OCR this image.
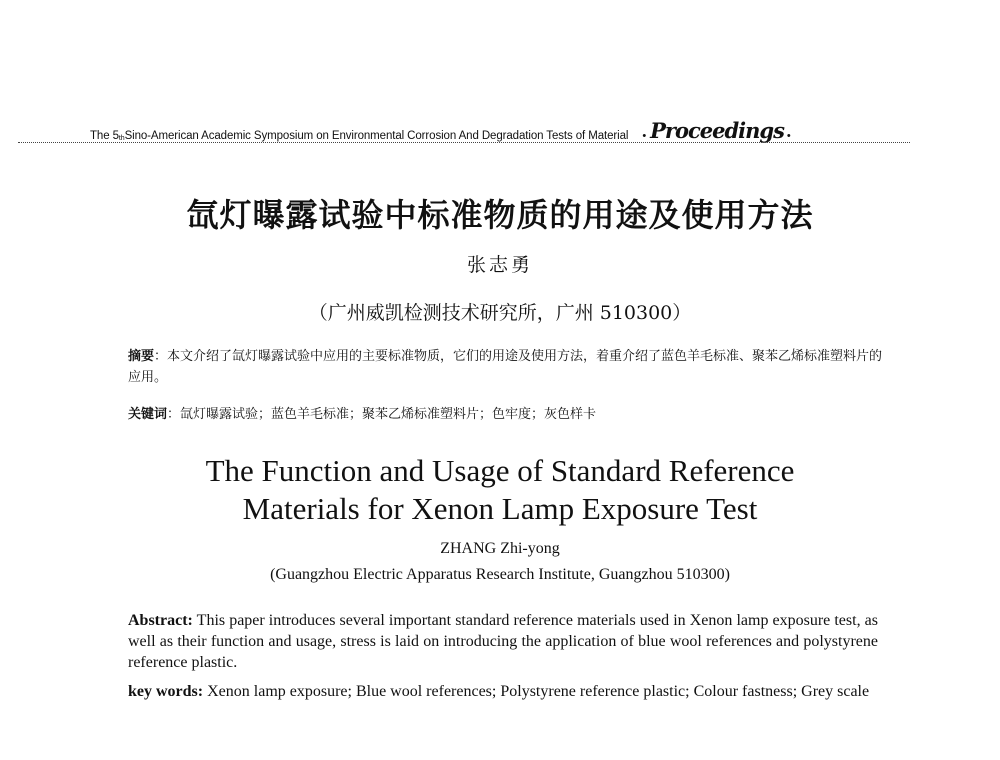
The $5_{th}$ Sino-American Academic Symposium on Environmental Corrosion And Degradation Tests of Material • Proceedings •
氙灯曝露试验中标准物质的用途及使用方法
张志勇
（广州威凯检测技术研究所，广州 510300）
摘要：本文介绍了氙灯曝露试验中应用的主要标准物质，它们的用途及使用方法，着重介绍了蓝色羊毛标准、聚苯乙烯标准塑料片的应用。
关键词：氙灯曝露试验；蓝色羊毛标准；聚苯乙烯标准塑料片；色牢度；灰色样卡
The Function and Usage of Standard Reference
Materials for Xenon Lamp Exposure Test
ZHANG Zhi-yong
(Guangzhou Electric Apparatus Research Institute, Guangzhou 510300)
Abstract: This paper introduces several important standard reference materials used in Xenon lamp exposure test, as well as their function and usage, stress is laid on introducing the application of blue wool references and polystyrene reference plastic.
key words: Xenon lamp exposure; Blue wool references; Polystyrene reference plastic; Colour fastness; Grey scale
